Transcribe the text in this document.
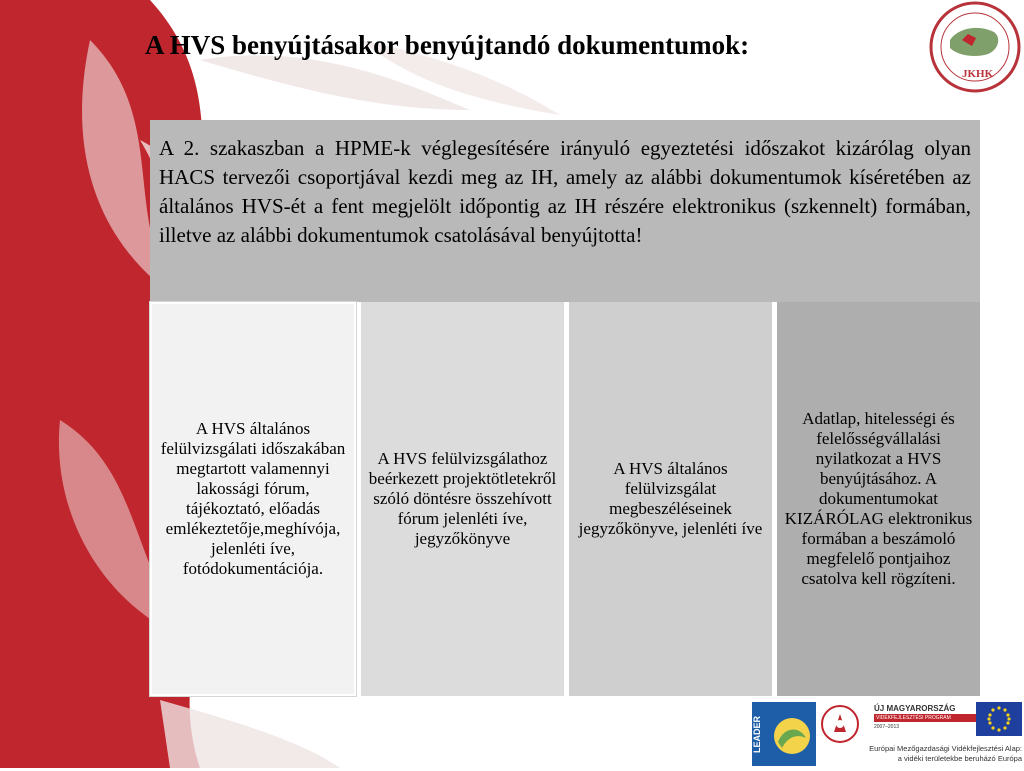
A HVS benyújtásakor benyújtandó dokumentumok:
JKHK
A 2. szakaszban a HPME-k véglegesítésére irányuló egyeztetési időszakot kizárólag olyan HACS tervezői csoportjával kezdi meg az IH, amely az alábbi dokumentumok kíséretében az általános HVS-ét a fent megjelölt időpontig az IH részére elektronikus (szkennelt) formában, illetve az alábbi dokumentumok csatolásával benyújtotta!
A HVS általános felülvizsgálati időszakában megtartott valamennyi lakossági fórum, tájékoztató, előadás emlékeztetője,meghívója, jelenléti íve, fotódokumentációja.
A HVS felülvizsgálathoz beérkezett projektötletekről szóló döntésre összehívott fórum jelenléti íve, jegyzőkönyve
A HVS általános felülvizsgálat megbeszéléseinek jegyzőkönyve, jelenléti íve
Adatlap, hitelességi és felelősségvállalási nyilatkozat a HVS benyújtásához. A dokumentumokat KIZÁRÓLAG elektronikus formában a beszámoló megfelelő pontjaihoz csatolva kell rögzíteni.
LEADER
ÚJ MAGYARORSZÁG
VIDÉKFEJLESZTÉSI PROGRAM
2007–2013
Európai Mezőgazdasági Vidékfejlesztési Alap:
a vidéki területekbe beruházó Európa
